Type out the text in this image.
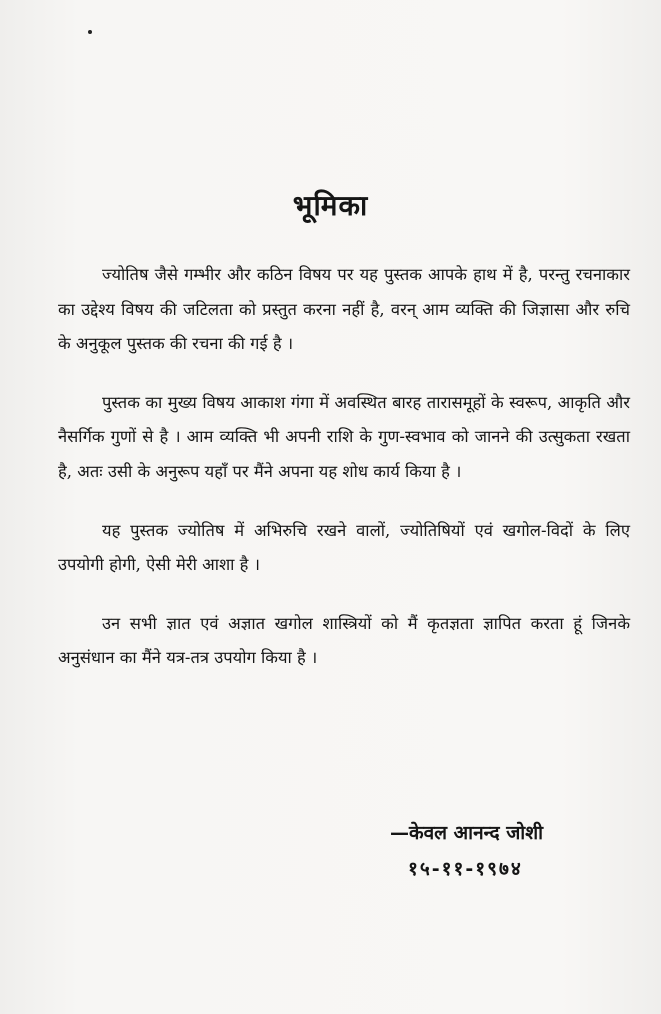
भूमिका

ज्योतिष जैसे गम्भीर और कठिन विषय पर यह पुस्तक आपके हाथ में है, परन्तु रचनाकार का उद्देश्य विषय की जटिलता को प्रस्तुत करना नहीं है, वरन् आम व्यक्ति की जिज्ञासा और रुचि के अनुकूल पुस्तक की रचना की गई है ।

पुस्तक का मुख्य विषय आकाश गंगा में अवस्थित बारह तारासमूहों के स्वरूप, आकृति और नैसर्गिक गुणों से है । आम व्यक्ति भी अपनी राशि के गुण-स्वभाव को जानने की उत्सुकता रखता है, अतः उसी के अनुरूप यहाँ पर मैंने अपना यह शोध कार्य किया है ।

यह पुस्तक ज्योतिष में अभिरुचि रखने वालों, ज्योतिषियों एवं खगोल-विदों के लिए उपयोगी होगी, ऐसी मेरी आशा है ।

उन सभी ज्ञात एवं अज्ञात खगोल शास्त्रियों को मैं कृतज्ञता ज्ञापित करता हूं जिनके अनुसंधान का मैंने यत्र-तत्र उपयोग किया है ।

—केवल आनन्द जोशी
१५-११-१९७४
